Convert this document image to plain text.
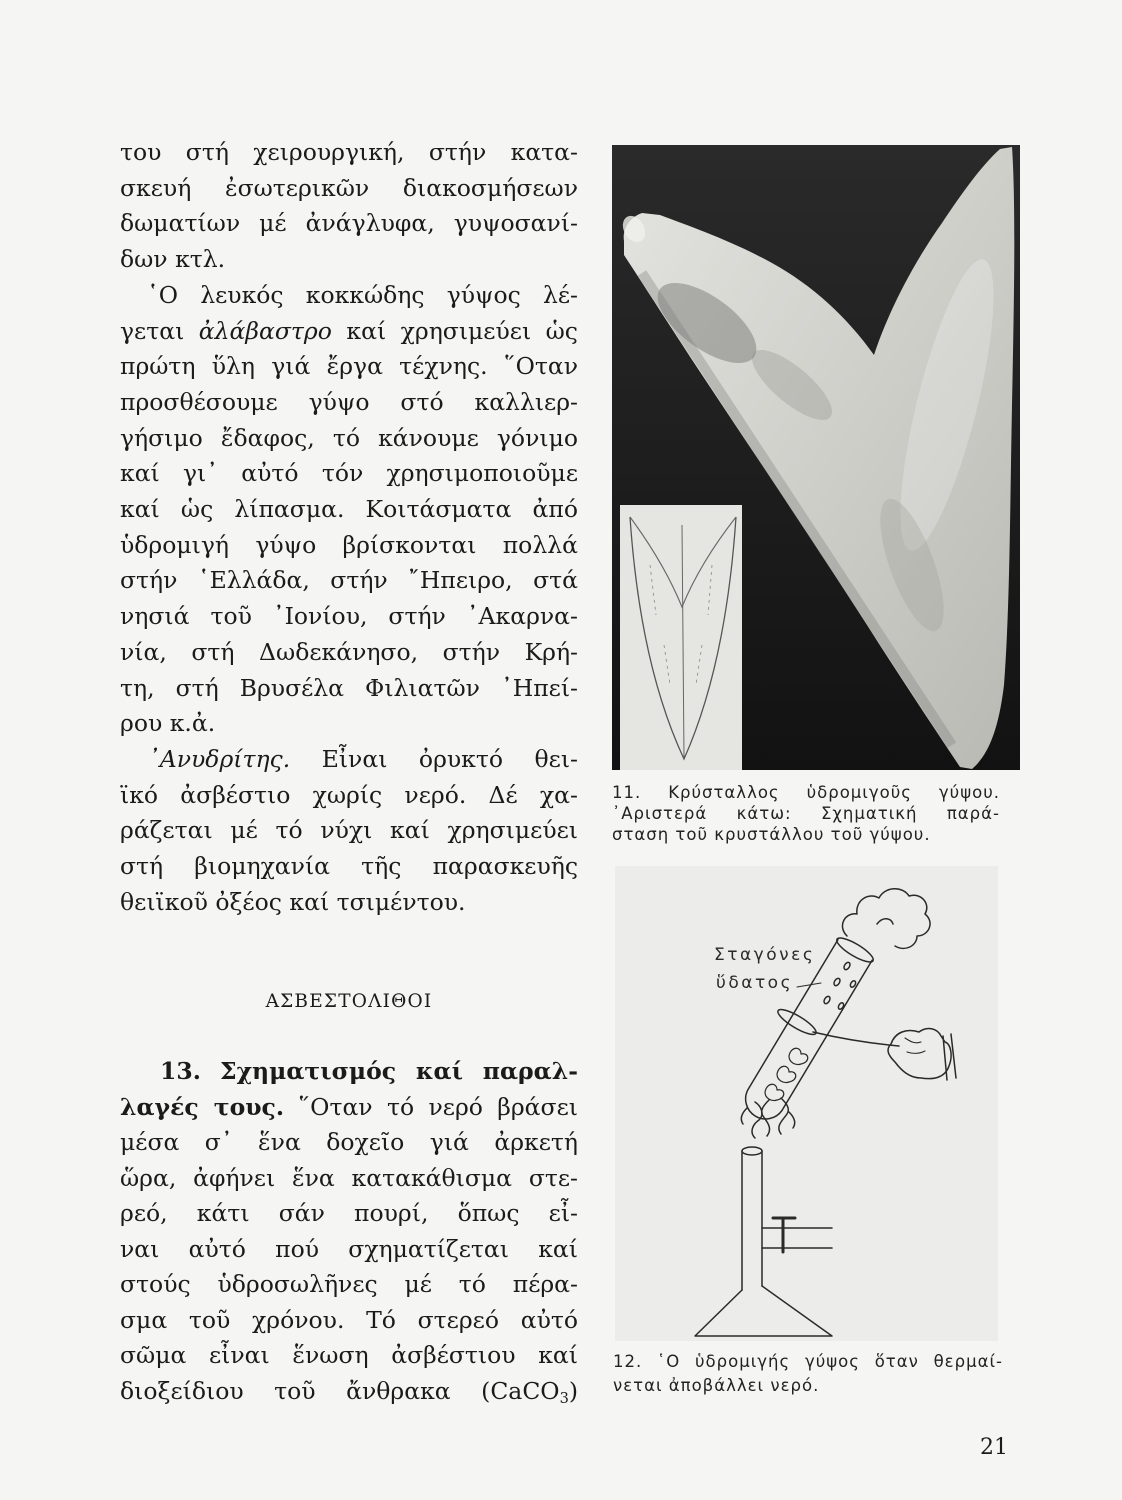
του στή χειρουργική, στήν κατα-
σκευή ἐσωτερικῶν διακοσμήσεων
δωματίων μέ ἀνάγλυφα, γυψοσανί-
δων κτλ.
῾Ο λευκός κοκκώδης γύψος λέ-
γεται ἀλάβαστρο καί χρησιμεύει ὡς
πρώτη ὕλη γιά ἔργα τέχνης. ῞Οταν
προσθέσουμε γύψο στό καλλιερ-
γήσιμο ἔδαφος, τό κάνουμε γόνιμο
καί γι᾿ αὐτό τόν χρησιμοποιοῦμε
καί ὡς λίπασμα. Κοιτάσματα ἀπό
ὑδρομιγή γύψο βρίσκονται πολλά
στήν ῾Ελλάδα, στήν ῎Ηπειρο, στά
νησιά τοῦ ᾿Ιονίου, στήν ᾿Ακαρνα-
νία, στή Δωδεκάνησο, στήν Κρή-
τη, στή Βρυσέλα Φιλιατῶν ᾿Ηπεί-
ρου κ.ἀ.
᾿Ανυδρίτης. Εἶναι ὀρυκτό θει-
ϊκό ἀσβέστιο χωρίς νερό. Δέ χα-
ράζεται μέ τό νύχι καί χρησιμεύει
στή βιομηχανία τῆς παρασκευῆς
θειϊκοῦ ὀξέος καί τσιμέντου.
ΑΣΒΕΣΤΟΛΙΘΟΙ
13. Σχηματισμός καί παραλ-
λαγές τους. ῞Οταν τό νερό βράσει
μέσα σ᾿ ἕνα δοχεῖο γιά ἀρκετή
ὥρα, ἀφήνει ἕνα κατακάθισμα στε-
ρεό, κάτι σάν πουρί, ὅπως εἶ-
ναι αὐτό πού σχηματίζεται καί
στούς ὑδροσωλῆνες μέ τό πέρα-
σμα τοῦ χρόνου. Τό στερεό αὐτό
σῶμα εἶναι ἕνωση ἀσβέστιου καί
διοξείδιου τοῦ ἄνθρακα (CaCO$_3$)
11. Κρύσταλλος ὑδρομιγοῦς γύψου.
᾿Αριστερά κάτω: Σχηματική παρά-
σταση τοῦ κρυστάλλου τοῦ γύψου.
Σταγόνες
ὕδατος
12. ῾Ο ὑδρομιγής γύψος ὅταν θερμαί-
νεται ἀποβάλλει νερό.
21
